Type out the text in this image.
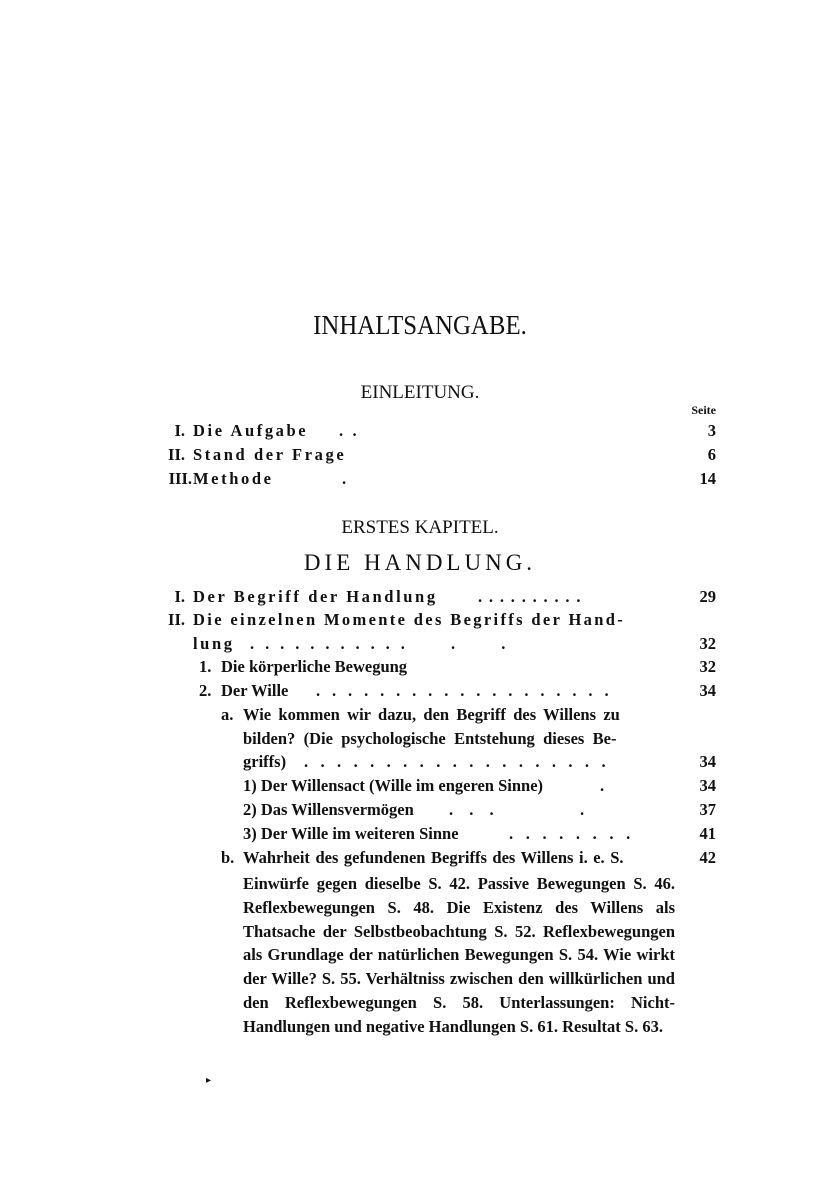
INHALTSANGABE.
EINLEITUNG.
Seite
I. Die Aufgabe . .	3
II. Stand der Frage	6
III. Methode	.	14
ERSTES KAPITEL.
DIE HANDLUNG.
I. Der Begriff der Handlung ..........	29
II. Die einzelnen Momente des Begriffs der Hand-
lung .  .  .  .  .  .  .  .  .  .  .         .         .	32
1. Die körperliche Bewegung	32
2. Der Wille ...................	34
a. Wie kommen wir dazu, den Begriff des Willens zu
bilden? (Die psychologische Entstehung dieses Be-
griffs) ...................	34
1) Der Willensact (Wille im engeren Sinne)	.	34
2) Das Willensvermögen . . .	.	37
3) Der Wille im weiteren Sinne	........	41
b. Wahrheit des gefundenen Begriffs des Willens i. e. S.	42
Einwürfe gegen dieselbe S. 42. Passive Bewegungen S. 46. Reflexbewegungen S. 48. Die Existenz des Willens als Thatsache der Selbstbeobachtung S. 52. Reflexbewegungen als Grundlage der natürlichen Bewegungen S. 54. Wie wirkt der Wille? S. 55. Verhältniss zwischen den willkürlichen und den Reflexbewegungen S. 58. Unterlassungen: Nicht-Handlungen und negative Handlungen S. 61. Resultat S. 63.
▸
